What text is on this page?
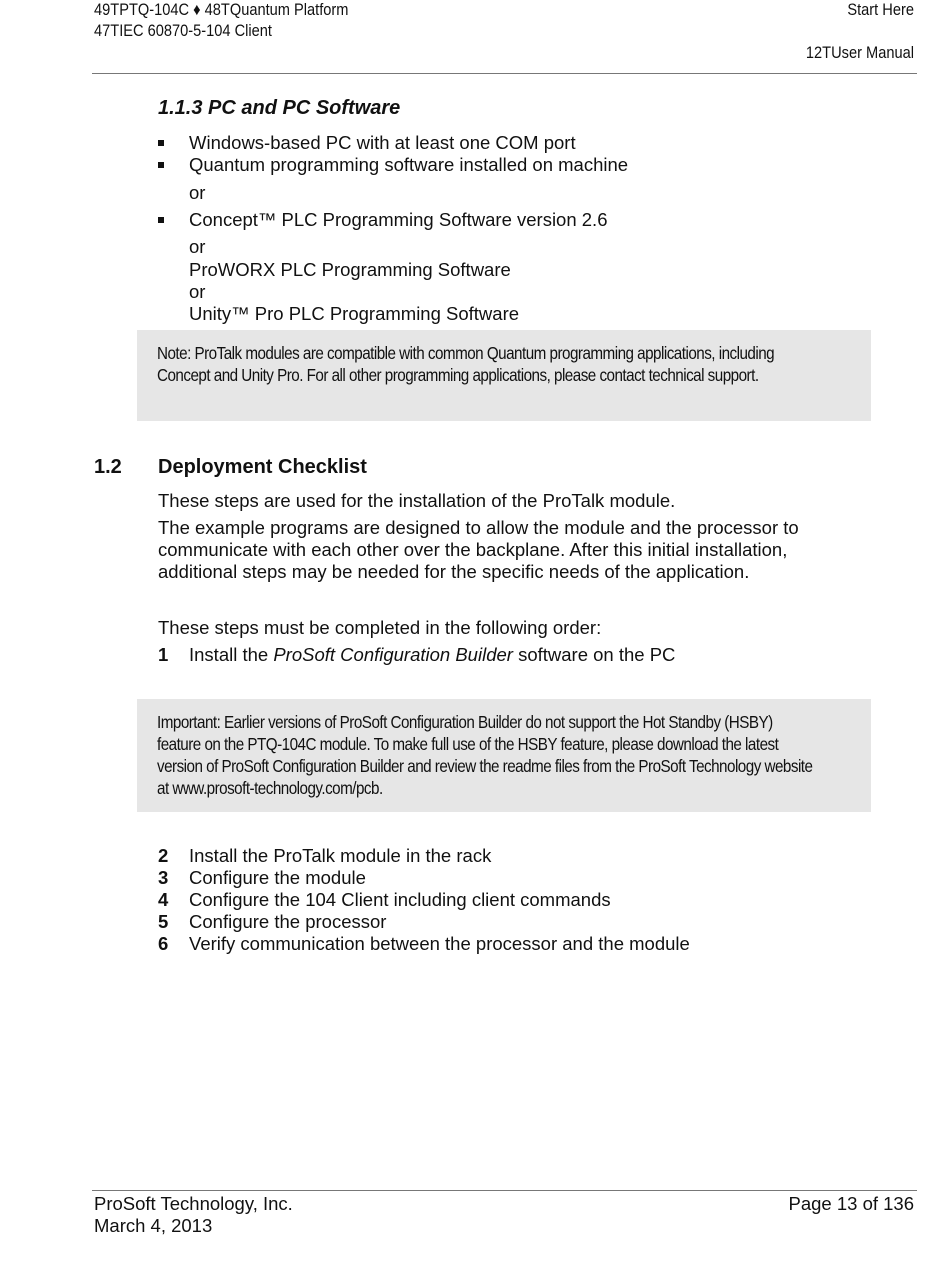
49TPTQ-104C ♦ 48TQuantum Platform
47TIEC 60870-5-104 Client
Start Here
12TUser Manual
1.1.3 PC and PC Software
Windows-based PC with at least one COM port
Quantum programming software installed on machine
or
Concept™ PLC Programming Software version 2.6
or
ProWORX PLC Programming Software
or
Unity™ Pro PLC Programming Software
Note: ProTalk modules are compatible with common Quantum programming applications, including Concept and Unity Pro. For all other programming applications, please contact technical support.
1.2 Deployment Checklist
These steps are used for the installation of the ProTalk module.
The example programs are designed to allow the module and the processor to communicate with each other over the backplane. After this initial installation, additional steps may be needed for the specific needs of the application.
These steps must be completed in the following order:
1 Install the ProSoft Configuration Builder software on the PC
Important: Earlier versions of ProSoft Configuration Builder do not support the Hot Standby (HSBY) feature on the PTQ-104C module. To make full use of the HSBY feature, please download the latest version of ProSoft Configuration Builder and review the readme files from the ProSoft Technology website at www.prosoft-technology.com/pcb.
2 Install the ProTalk module in the rack
3 Configure the module
4 Configure the 104 Client including client commands
5 Configure the processor
6 Verify communication between the processor and the module
ProSoft Technology, Inc.
March 4, 2013
Page 13 of 136
